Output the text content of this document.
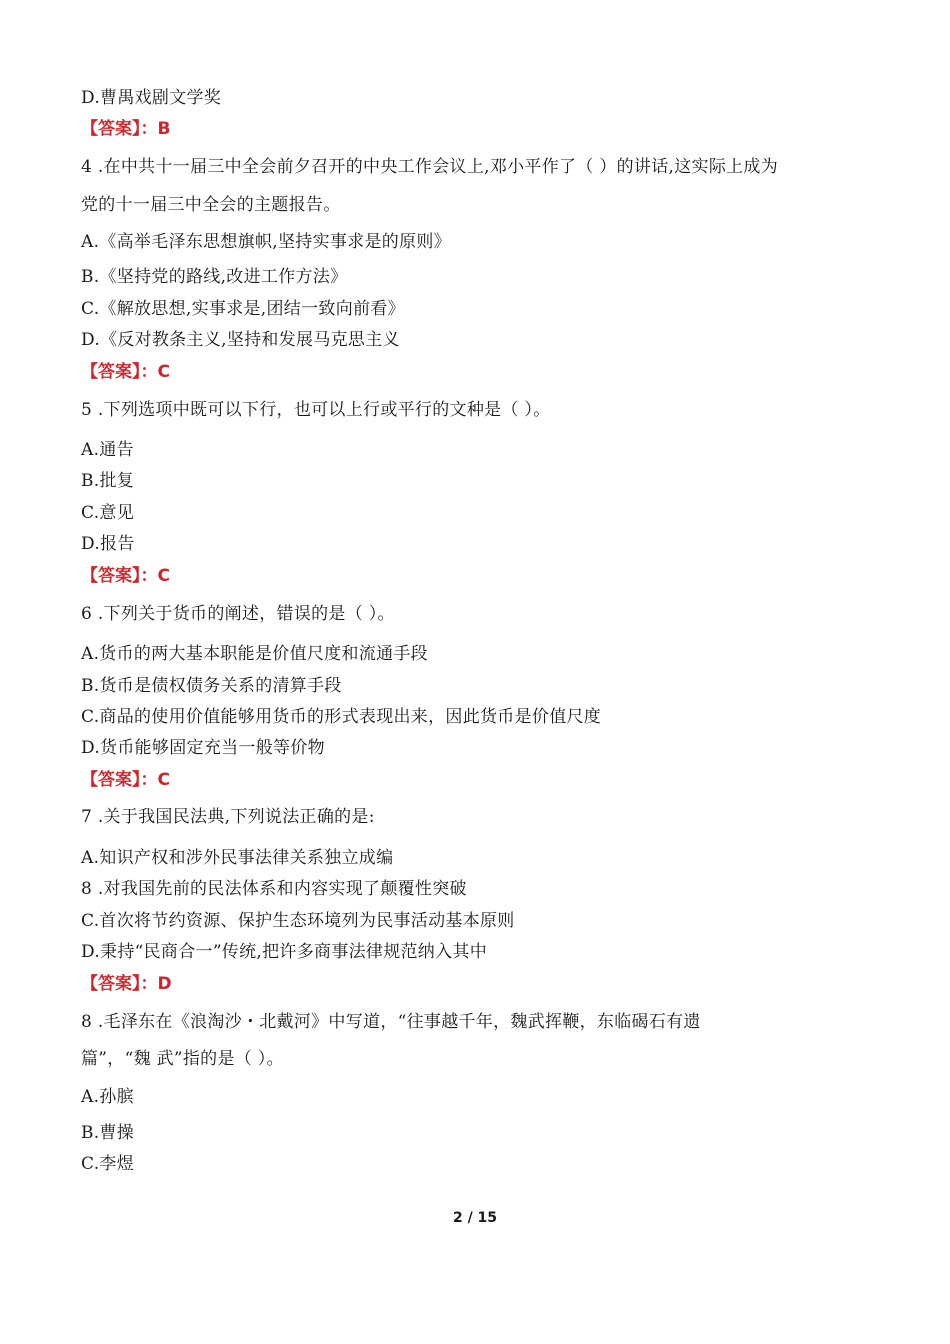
D.曹禺戏剧文学奖
【答案】：B
4 .在中共十一届三中全会前夕召开的中央工作会议上,邓小平作了（ ）的讲话,这实际上成为
党的十一届三中全会的主题报告。
A.《高举毛泽东思想旗帜,坚持实事求是的原则》
B.《坚持党的路线,改进工作方法》
C.《解放思想,实事求是,团结一致向前看》
D.《反对教条主义,坚持和发展马克思主义
【答案】：C
5 .下列选项中既可以下行，也可以上行或平行的文种是（ ）。
A.通告
B.批复
C.意见
D.报告
【答案】：C
6 .下列关于货币的阐述，错误的是（ ）。
A.货币的两大基本职能是价值尺度和流通手段
B.货币是债权债务关系的清算手段
C.商品的使用价值能够用货币的形式表现出来，因此货币是价值尺度
D.货币能够固定充当一般等价物
【答案】：C
7 .关于我国民法典,下列说法正确的是:
A.知识产权和涉外民事法律关系独立成编
8 .对我国先前的民法体系和内容实现了颠覆性突破
C.首次将节约资源、保护生态环境列为民事活动基本原则
D.秉持“民商合一”传统,把许多商事法律规范纳入其中
【答案】：D
8 .毛泽东在《浪淘沙・北戴河》中写道，“往事越千年，魏武挥鞭，东临碣石有遗
篇”，“魏 武”指的是（ ）。
A.孙膑
B.曹操
C.李煜
2 / 15
